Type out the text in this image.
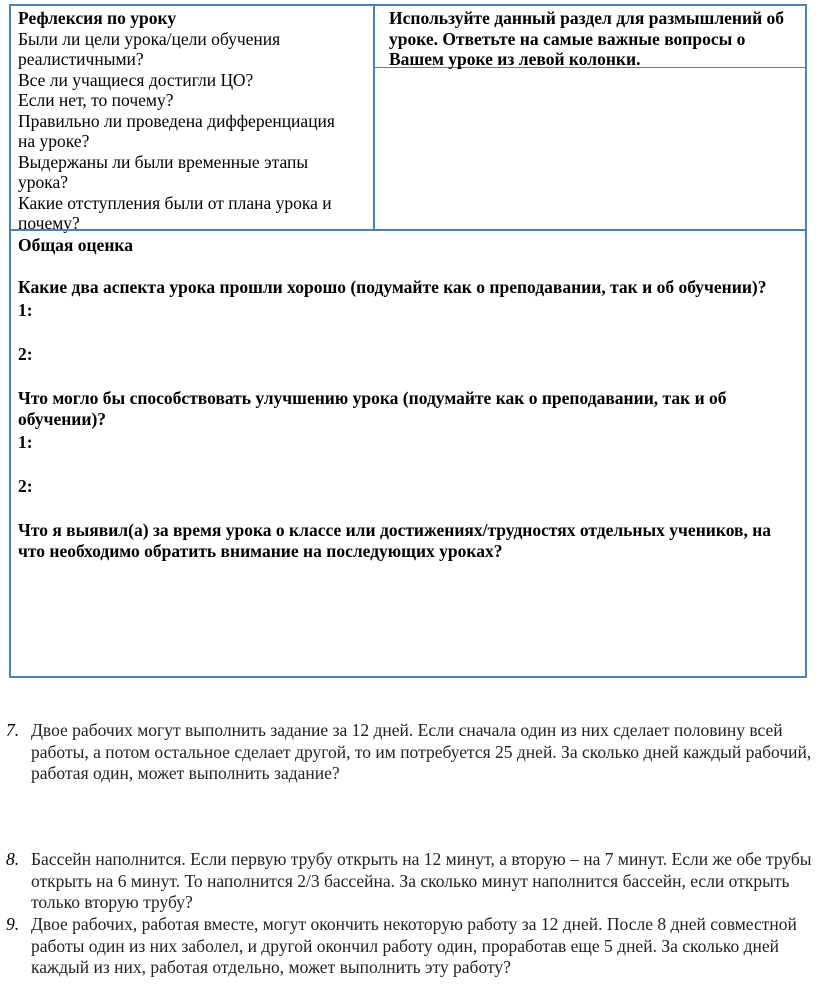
Рефлексия по уроку
Были ли цели урока/цели обучения
реалистичными?
Все ли учащиеся достигли ЦО?
Если нет, то почему?
Правильно ли проведена дифференциация
на уроке?
Выдержаны ли были временные этапы
урока?
Какие отступления были от плана урока и
почему?
Используйте данный раздел для размышлений об уроке. Ответьте на самые важные вопросы о Вашем уроке из левой колонки.

Общая оценка

Какие два аспекта урока прошли хорошо (подумайте как о преподавании, так и об обучении)?

1:

2:

Что могло бы способствовать улучшению урока (подумайте как о преподавании, так и об обучении)?

1:

2:

Что я выявил(а) за время урока о классе или достижениях/трудностях отдельных учеников, на что необходимо обратить внимание на последующих уроках?

7. Двое рабочих могут выполнить задание за 12 дней. Если сначала один из них сделает половину всей работы, а потом остальное сделает другой, то им потребуется 25 дней. За сколько дней каждый рабочий, работая один, может выполнить задание?
8. Бассейн наполнится. Если первую трубу открыть на 12 минут, а вторую – на 7 минут. Если же обе трубы открыть на 6 минут. То наполнится 2/3 бассейна. За сколько минут наполнится бассейн, если открыть только вторую трубу?
9. Двое рабочих, работая вместе, могут окончить некоторую работу за 12 дней. После 8 дней совместной работы один из них заболел, и другой окончил работу один, проработав еще 5 дней. За сколько дней каждый из них, работая отдельно, может выполнить эту работу?
